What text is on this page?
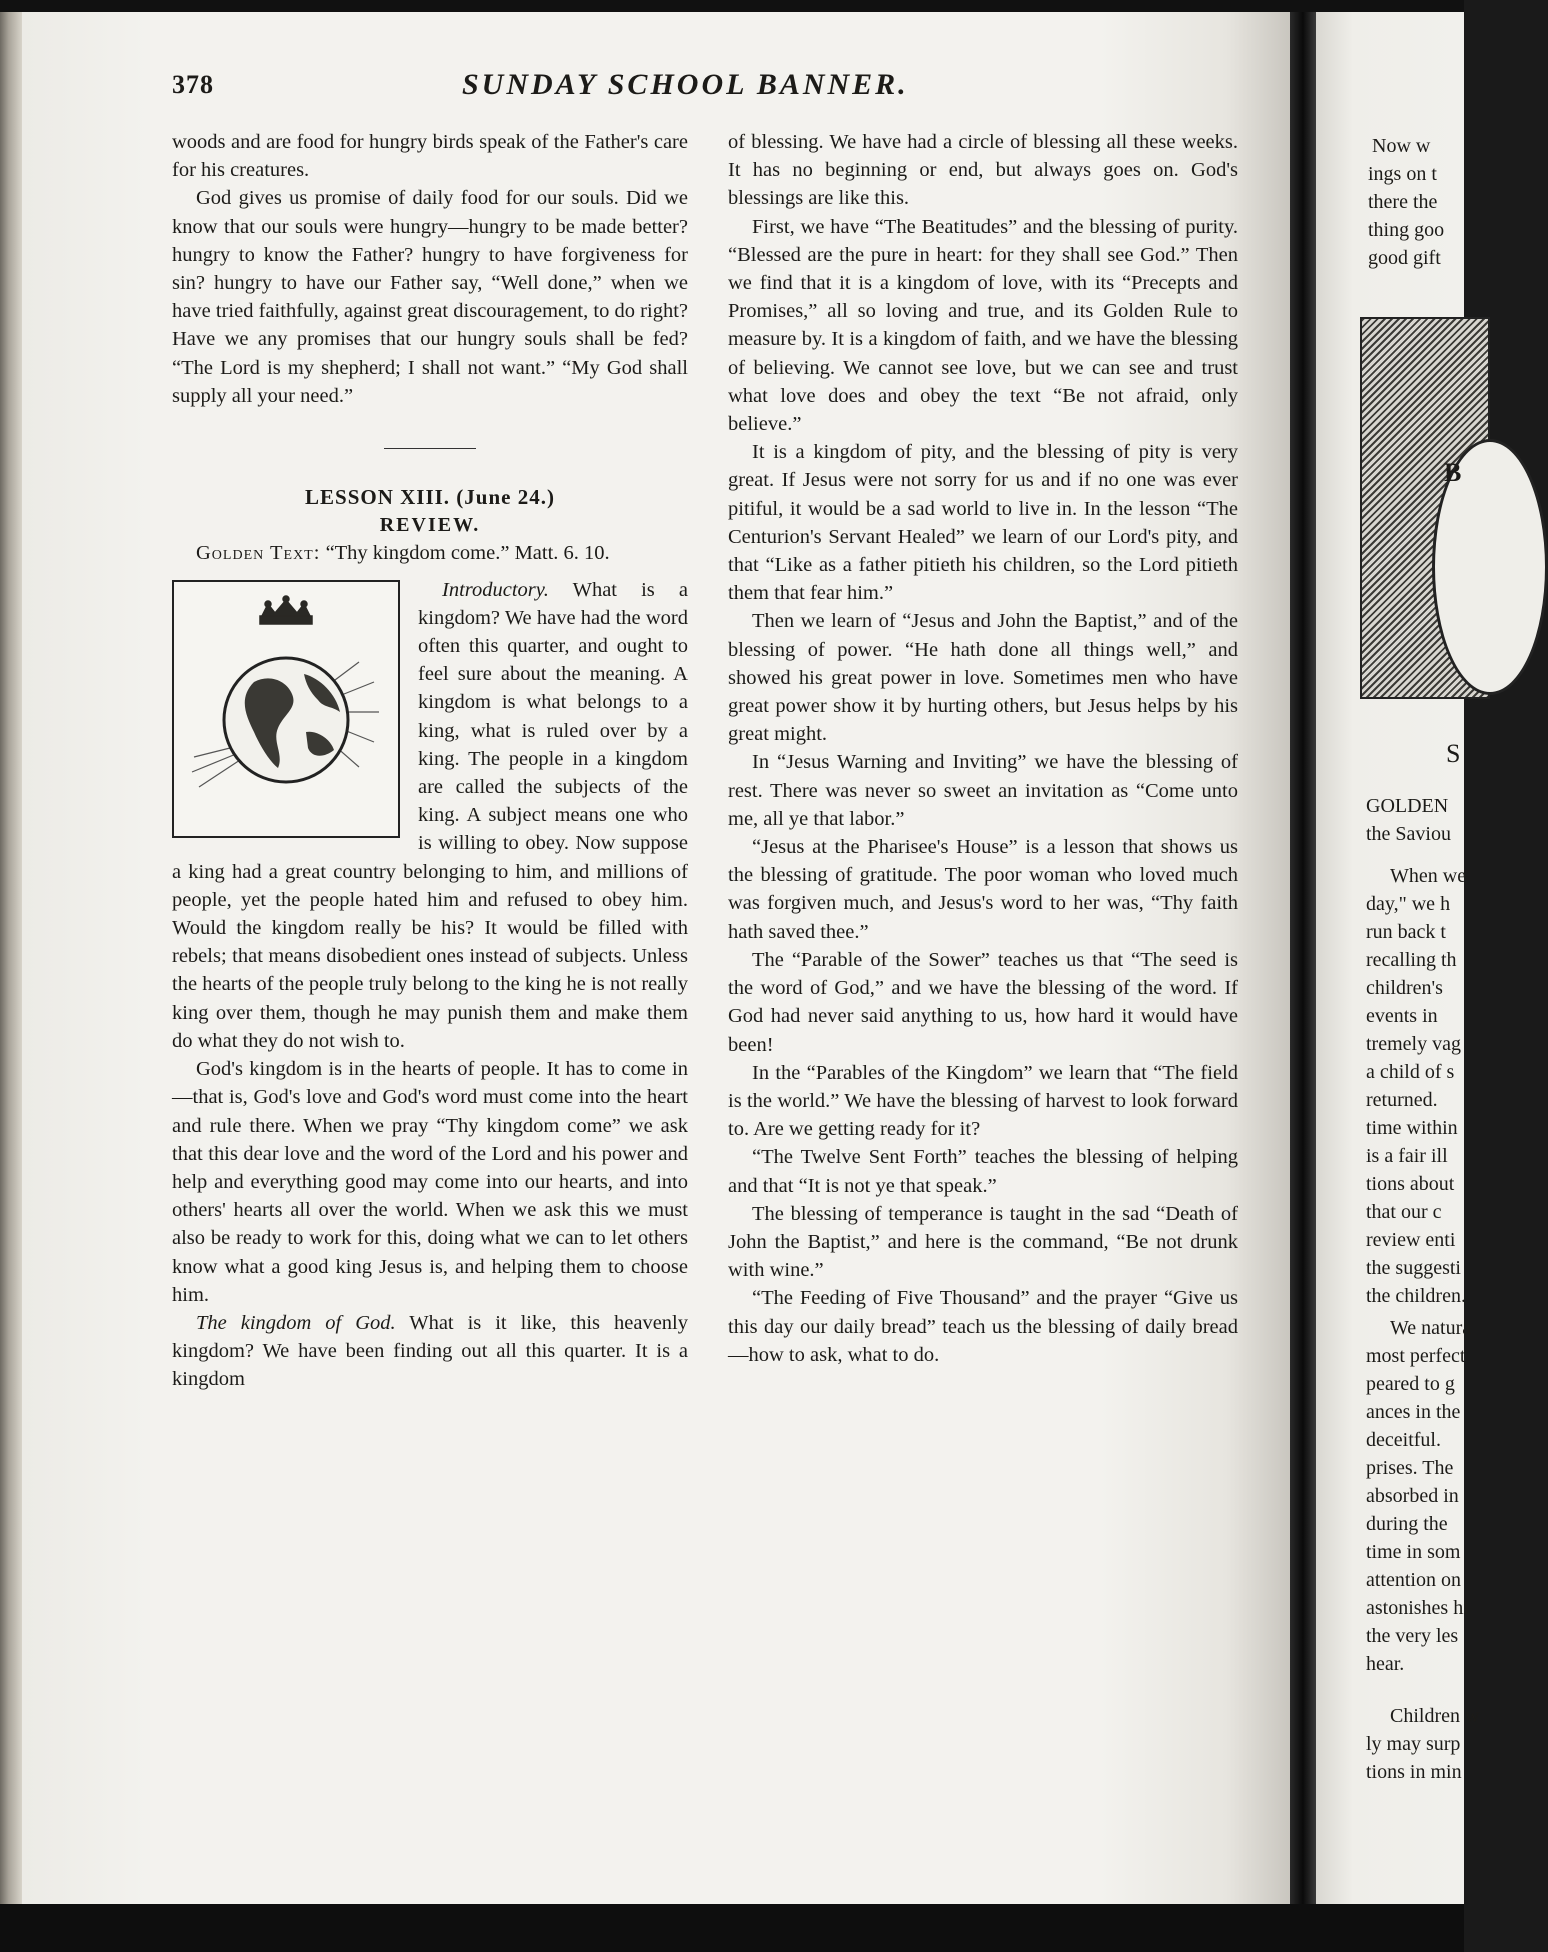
378	SUNDAY SCHOOL BANNER.

woods and are food for hungry birds speak of the Father's care for his creatures.

God gives us promise of daily food for our souls. Did we know that our souls were hungry—hungry to be made better? hungry to know the Father? hungry to have forgiveness for sin? hungry to have our Father say, “Well done,” when we have tried faithfully, against great discouragement, to do right? Have we any promises that our hungry souls shall be fed? “The Lord is my shepherd; I shall not want.” “My God shall supply all your need.”

LESSON XIII. (June 24.)

REVIEW.

Golden Text: “Thy kingdom come.” Matt. 6. 10.

Introductory. What is a kingdom? We have had the word often this quarter, and ought to feel sure about the meaning. A kingdom is what belongs to a king, what is ruled over by a king. The people in a kingdom are called the subjects of the king. A subject means one who is willing to obey. Now suppose a king had a great country belonging to him, and millions of people, yet the people hated him and refused to obey him. Would the kingdom really be his? It would be filled with rebels; that means disobedient ones instead of subjects. Unless the hearts of the people truly belong to the king he is not really king over them, though he may punish them and make them do what they do not wish to.

God's kingdom is in the hearts of people. It has to come in—that is, God's love and God's word must come into the heart and rule there. When we pray “Thy kingdom come” we ask that this dear love and the word of the Lord and his power and help and everything good may come into our hearts, and into others' hearts all over the world. When we ask this we must also be ready to work for this, doing what we can to let others know what a good king Jesus is, and helping them to choose him.

The kingdom of God. What is it like, this heavenly kingdom? We have been finding out all this quarter. It is a kingdom

of blessing. We have had a circle of blessing all these weeks. It has no beginning or end, but always goes on. God's blessings are like this.

First, we have “The Beatitudes” and the blessing of purity. “Blessed are the pure in heart: for they shall see God.” Then we find that it is a kingdom of love, with its “Precepts and Promises,” all so loving and true, and its Golden Rule to measure by. It is a kingdom of faith, and we have the blessing of believing. We cannot see love, but we can see and trust what love does and obey the text “Be not afraid, only believe.”

It is a kingdom of pity, and the blessing of pity is very great. If Jesus were not sorry for us and if no one was ever pitiful, it would be a sad world to live in. In the lesson “The Centurion's Servant Healed” we learn of our Lord's pity, and that “Like as a father pitieth his children, so the Lord pitieth them that fear him.”

Then we learn of “Jesus and John the Baptist,” and of the blessing of power. “He hath done all things well,” and showed his great power in love. Sometimes men who have great power show it by hurting others, but Jesus helps by his great might.

In “Jesus Warning and Inviting” we have the blessing of rest. There was never so sweet an invitation as “Come unto me, all ye that labor.”

“Jesus at the Pharisee's House” is a lesson that shows us the blessing of gratitude. The poor woman who loved much was forgiven much, and Jesus's word to her was, “Thy faith hath saved thee.”

The “Parable of the Sower” teaches us that “The seed is the word of God,” and we have the blessing of the word. If God had never said anything to us, how hard it would have been!

In the “Parables of the Kingdom” we learn that “The field is the world.” We have the blessing of harvest to look forward to. Are we getting ready for it?

“The Twelve Sent Forth” teaches the blessing of helping and that “It is not ye that speak.”

The blessing of temperance is taught in the sad “Death of John the Baptist,” and here is the command, “Be not drunk with wine.”

“The Feeding of Five Thousand” and the prayer “Give us this day our daily bread” teach us the blessing of daily bread—how to ask, what to do.

Now w
ings on t
there the
thing goo
good gift
B
S
GOLDEN
the Saviou
When we
day," we h
run back t
recalling th
children's
events in
tremely vag
a child of s
returned.
time within
is a fair ill
tions about
that our c
review enti
the suggesti
the children.
We natura
most perfect
peared to g
ances in the
deceitful.
prises. The
absorbed in
during the
time in som
attention on
astonishes hi
the very les
hear.
Children w
ly may surp
tions in min
